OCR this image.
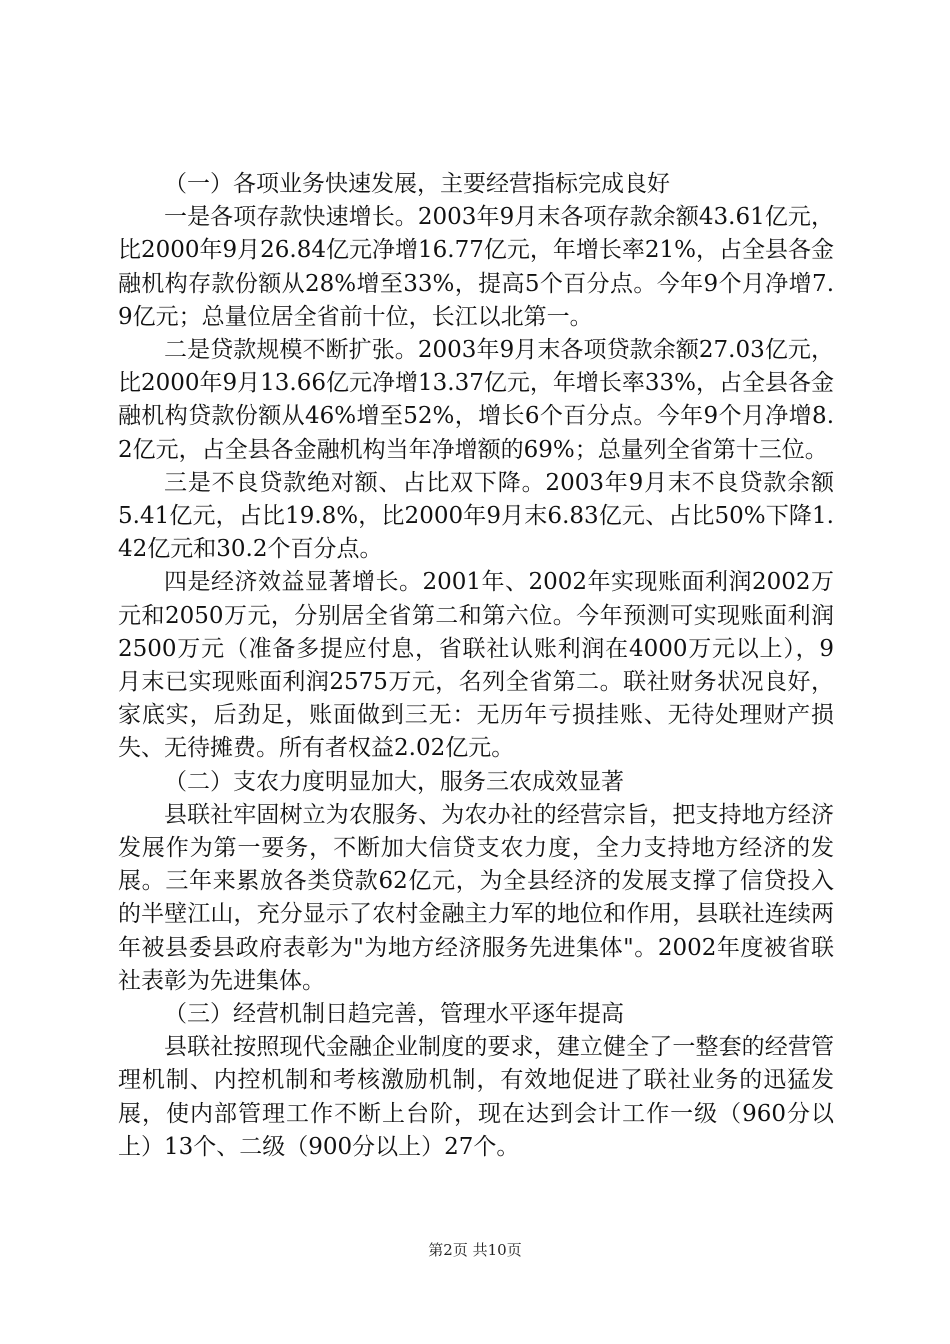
（一）各项业务快速发展，主要经营指标完成良好

一是各项存款快速增长。2003年9月末各项存款余额43.61亿元，比2000年9月26.84亿元净增16.77亿元，年增长率21%，占全县各金融机构存款份额从28%增至33%，提高5个百分点。今年9个月净增7.9亿元；总量位居全省前十位，长江以北第一。

二是贷款规模不断扩张。2003年9月末各项贷款余额27.03亿元，比2000年9月13.66亿元净增13.37亿元，年增长率33%，占全县各金融机构贷款份额从46%增至52%，增长6个百分点。今年9个月净增8.2亿元，占全县各金融机构当年净增额的69%；总量列全省第十三位。

三是不良贷款绝对额、占比双下降。2003年9月末不良贷款余额5.41亿元，占比19.8%，比2000年9月末6.83亿元、占比50%下降1.42亿元和30.2个百分点。

四是经济效益显著增长。2001年、2002年实现账面利润2002万元和2050万元，分别居全省第二和第六位。今年预测可实现账面利润2500万元（准备多提应付息，省联社认账利润在4000万元以上），9月末已实现账面利润2575万元，名列全省第二。联社财务状况良好，家底实，后劲足，账面做到三无：无历年亏损挂账、无待处理财产损失、无待摊费。所有者权益2.02亿元。

（二）支农力度明显加大，服务三农成效显著

县联社牢固树立为农服务、为农办社的经营宗旨，把支持地方经济发展作为第一要务，不断加大信贷支农力度，全力支持地方经济的发展。三年来累放各类贷款62亿元，为全县经济的发展支撑了信贷投入的半壁江山，充分显示了农村金融主力军的地位和作用，县联社连续两年被县委县政府表彰为"为地方经济服务先进集体"。2002年度被省联社表彰为先进集体。

（三）经营机制日趋完善，管理水平逐年提高

县联社按照现代金融企业制度的要求，建立健全了一整套的经营管理机制、内控机制和考核激励机制，有效地促进了联社业务的迅猛发展，使内部管理工作不断上台阶，现在达到会计工作一级（960分以上）13个、二级（900分以上）27个。

第2页 共10页
